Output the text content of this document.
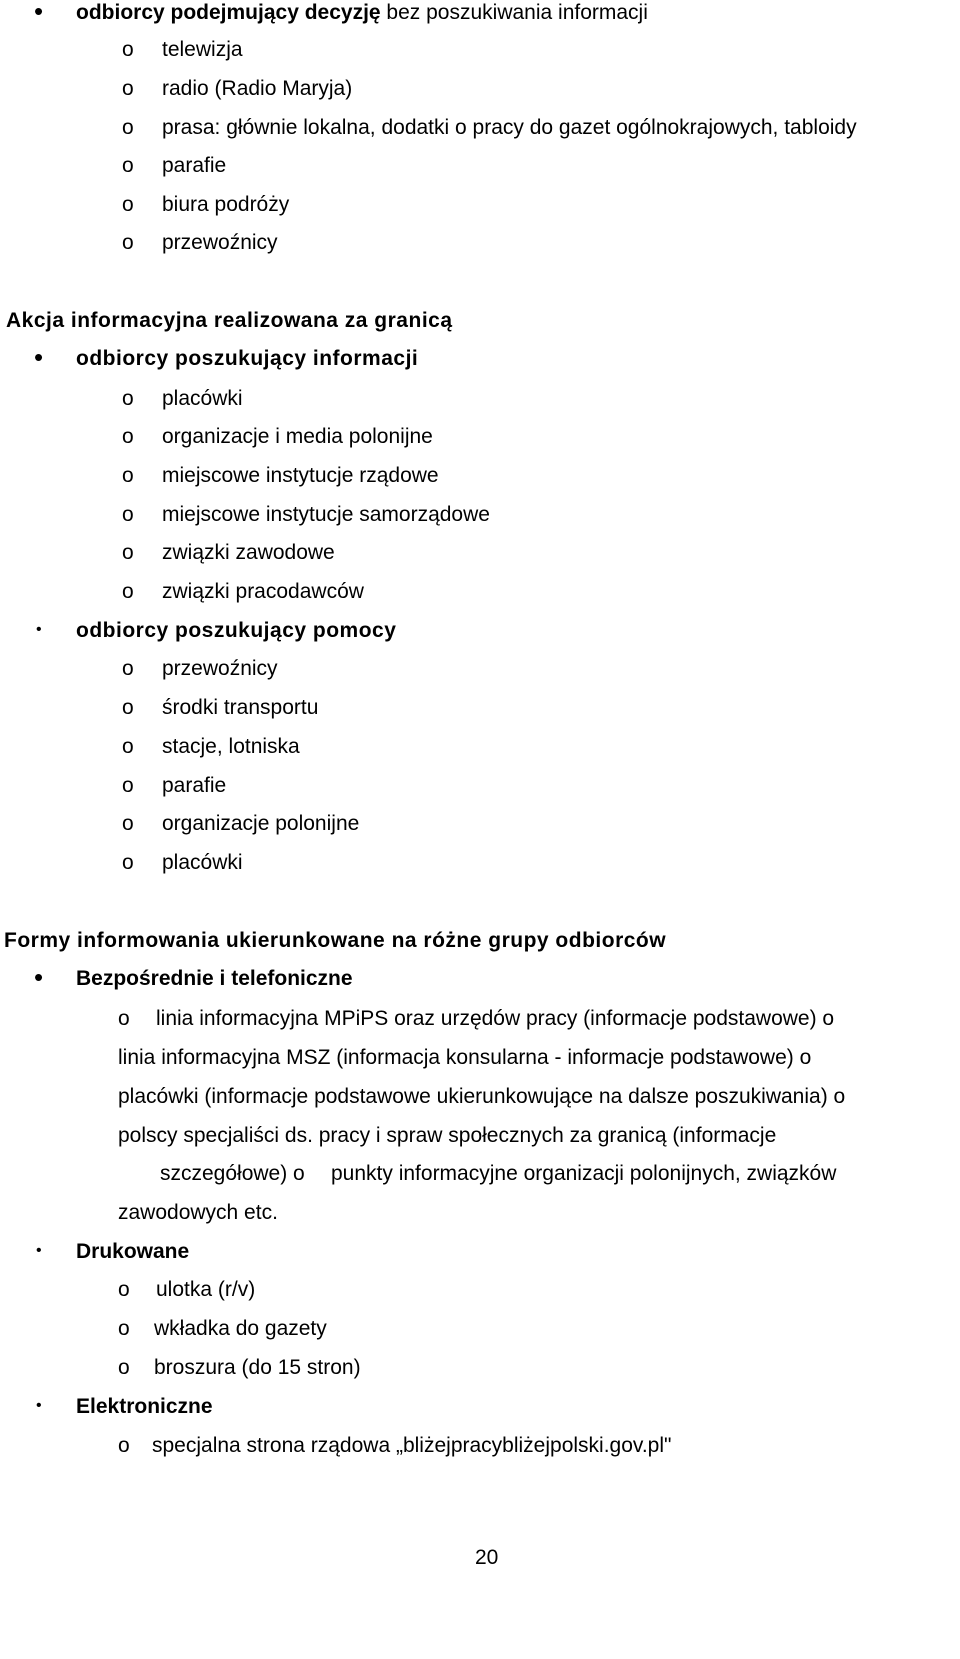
• odbiorcy podejmujący decyzję bez poszukiwania informacji
o telewizja
o radio (Radio Maryja)
o prasa: głównie lokalna, dodatki o pracy do gazet ogólnokrajowych, tabloidy
o parafie
o biura podróży
o przewoźnicy
Akcja informacyjna realizowana za granicą
• odbiorcy poszukujący informacji
o placówki
o organizacje i media polonijne
o miejscowe instytucje rządowe
o miejscowe instytucje samorządowe
o związki zawodowe
o związki pracodawców
• odbiorcy poszukujący pomocy
o przewoźnicy
o środki transportu
o stacje, lotniska
o parafie
o organizacje polonijne
o placówki
Formy informowania ukierunkowane na różne grupy odbiorców
• Bezpośrednie i telefoniczne
o linia informacyjna MPiPS oraz urzędów pracy (informacje podstawowe) o
linia informacyjna MSZ (informacja konsularna - informacje podstawowe) o
placówki (informacje podstawowe ukierunkowujące na dalsze poszukiwania) o
polscy specjaliści ds. pracy i spraw społecznych za granicą (informacje
szczegółowe) o punkty informacyjne organizacji polonijnych, związków
zawodowych etc.
• Drukowane
o ulotka (r/v)
o wkładka do gazety
o broszura (do 15 stron)
• Elektroniczne
o specjalna strona rządowa „bliżejpracybliżejpolski.gov.pl"
20
